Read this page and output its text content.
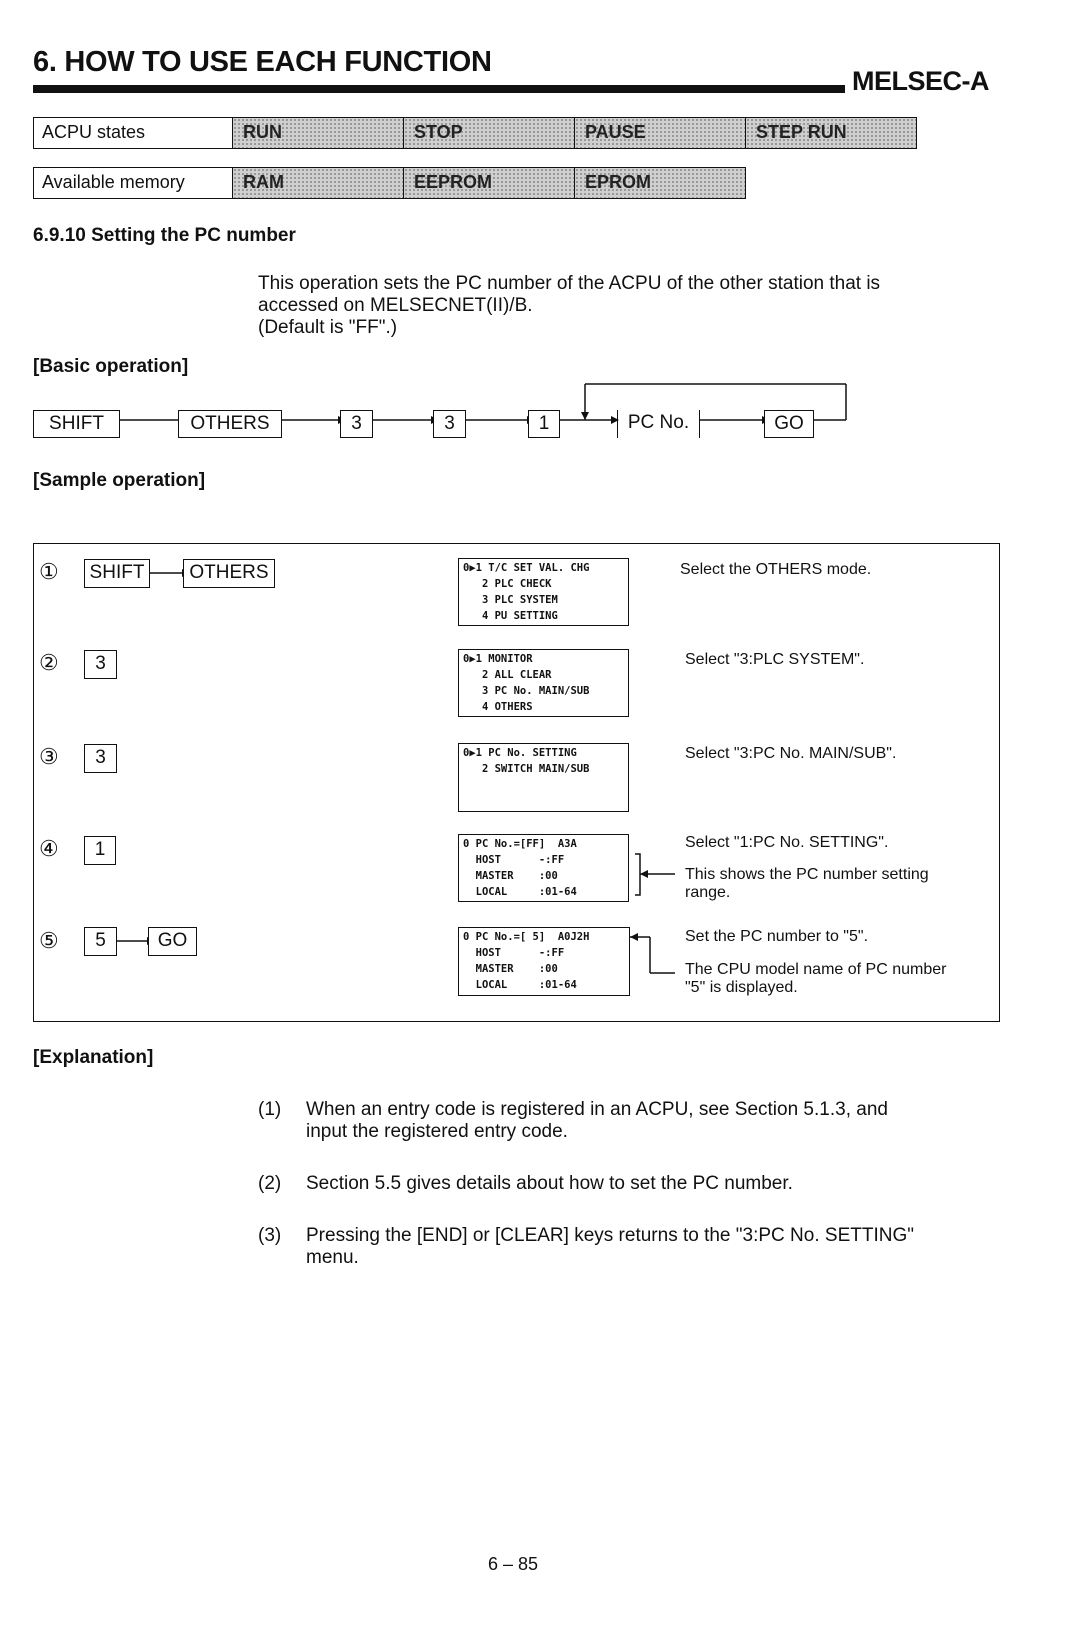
6. HOW TO USE EACH FUNCTION
MELSEC-A
ACPU states	RUN	STOP	PAUSE	STEP RUN
Available memory	RAM	EEPROM	EPROM
6.9.10 Setting the PC number
This operation sets the PC number of the ACPU of the other station that is
accessed on MELSECNET(II)/B.
(Default is "FF".)
[Basic operation]
SHIFT	OTHERS	3	3	1	PC No.	GO
[Sample operation]
① SHIFT	OTHERS	0▶1 T/C SET VAL. CHG
2 PLC CHECK
3 PLC SYSTEM
4 PU SETTING
Select the OTHERS mode.
②	3	0▶1 MONITOR
2 ALL CLEAR
3 PC No. MAIN/SUB
4 OTHERS
Select "3:PLC SYSTEM".
③	3	0▶1 PC No. SETTING
2 SWITCH MAIN/SUB
Select "3:PC No. MAIN/SUB".
④	1	0 PC No.=[FF]  A3A
HOST      -:FF
MASTER    :00
LOCAL     :01-64
Select "1:PC No. SETTING".
This shows the PC number setting
range.
⑤	5	GO	0 PC No.=[ 5]  A0J2H
HOST      -:FF
MASTER    :00
LOCAL     :01-64
Set the PC number to "5".
The CPU model name of PC number
"5" is displayed.
[Explanation]
(1)	When an entry code is registered in an ACPU, see Section 5.1.3, and
input the registered entry code.
(2)	Section 5.5 gives details about how to set the PC number.
(3)	Pressing the [END] or [CLEAR] keys returns to the "3:PC No. SETTING"
menu.
6 – 85
